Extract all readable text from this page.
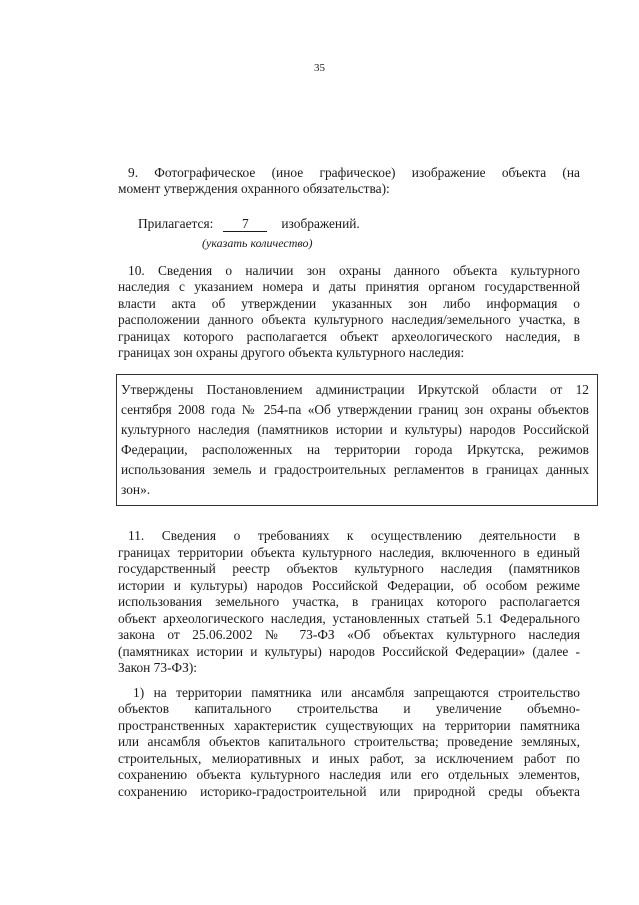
35
9. Фотографическое (иное графическое) изображение объекта (на
момент утверждения охранного обязательства):
Прилагается: 7 изображений.
(указать количество)
10. Сведения о наличии зон охраны данного объекта культурного
наследия с указанием номера и даты принятия органом государственной
власти акта об утверждении указанных зон либо информация о
расположении данного объекта культурного наследия/земельного участка, в
границах которого располагается объект археологического наследия, в
границах зон охраны другого объекта культурного наследия:
Утверждены Постановлением администрации Иркутской области от 12
сентября 2008 года № 254-па «Об утверждении границ зон охраны объектов
культурного наследия (памятников истории и культуры) народов Российской
Федерации, расположенных на территории города Иркутска, режимов
использования земель и градостроительных регламентов в границах данных
зон».
11. Сведения о требованиях к осуществлению деятельности в
границах территории объекта культурного наследия, включенного в единый
государственный реестр объектов культурного наследия (памятников
истории и культуры) народов Российской Федерации, об особом режиме
использования земельного участка, в границах которого располагается
объект археологического наследия, установленных статьей 5.1 Федерального
закона от 25.06.2002 № 73-ФЗ «Об объектах культурного наследия
(памятниках истории и культуры) народов Российской Федерации» (далее -
Закон 73-ФЗ):
1) на территории памятника или ансамбля запрещаются строительство
объектов капитального строительства и увеличение объемно-
пространственных характеристик существующих на территории памятника
или ансамбля объектов капитального строительства; проведение земляных,
строительных, мелиоративных и иных работ, за исключением работ по
сохранению объекта культурного наследия или его отдельных элементов,
сохранению историко-градостроительной или природной среды объекта
